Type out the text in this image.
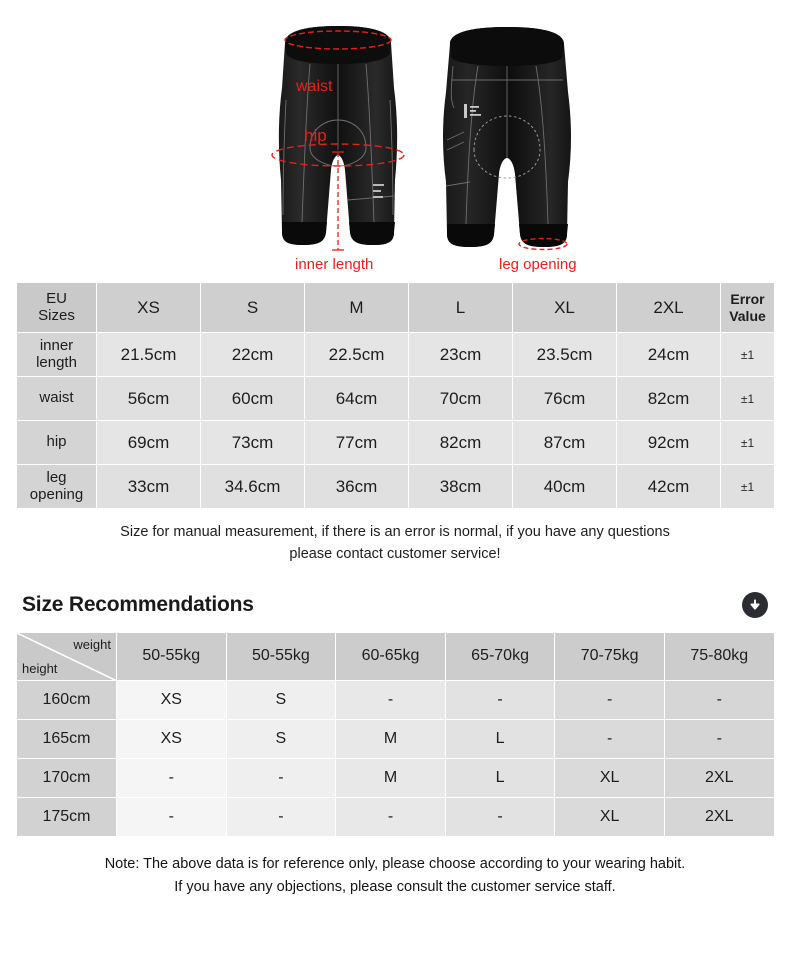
waist
hip
inner length	leg opening
EU
Sizes	XS	S	M	L	XL	2XL	Error
Value

inner
length	21.5cm	22cm	22.5cm	23cm	23.5cm	24cm	±1

waist	56cm	60cm	64cm	70cm	76cm	82cm	±1

hip	69cm	73cm	77cm	82cm	87cm	92cm	±1

leg
opening	33cm	34.6cm	36cm	38cm	40cm	42cm	±1
Size for manual measurement, if there is an error is normal, if you have any questions
please contact customer service!
Size Recommendations
weight
height	50-55kg	50-55kg	60-65kg	65-70kg	70-75kg	75-80kg
160cm	XS	S	-	-	-	-
165cm	XS	S	M	L	-	-
170cm	-	-	M	L	XL	2XL
175cm	-	-	-	-	XL	2XL
Note: The above data is for reference only, please choose according to your wearing habit.
If you have any objections, please consult the customer service staff.
